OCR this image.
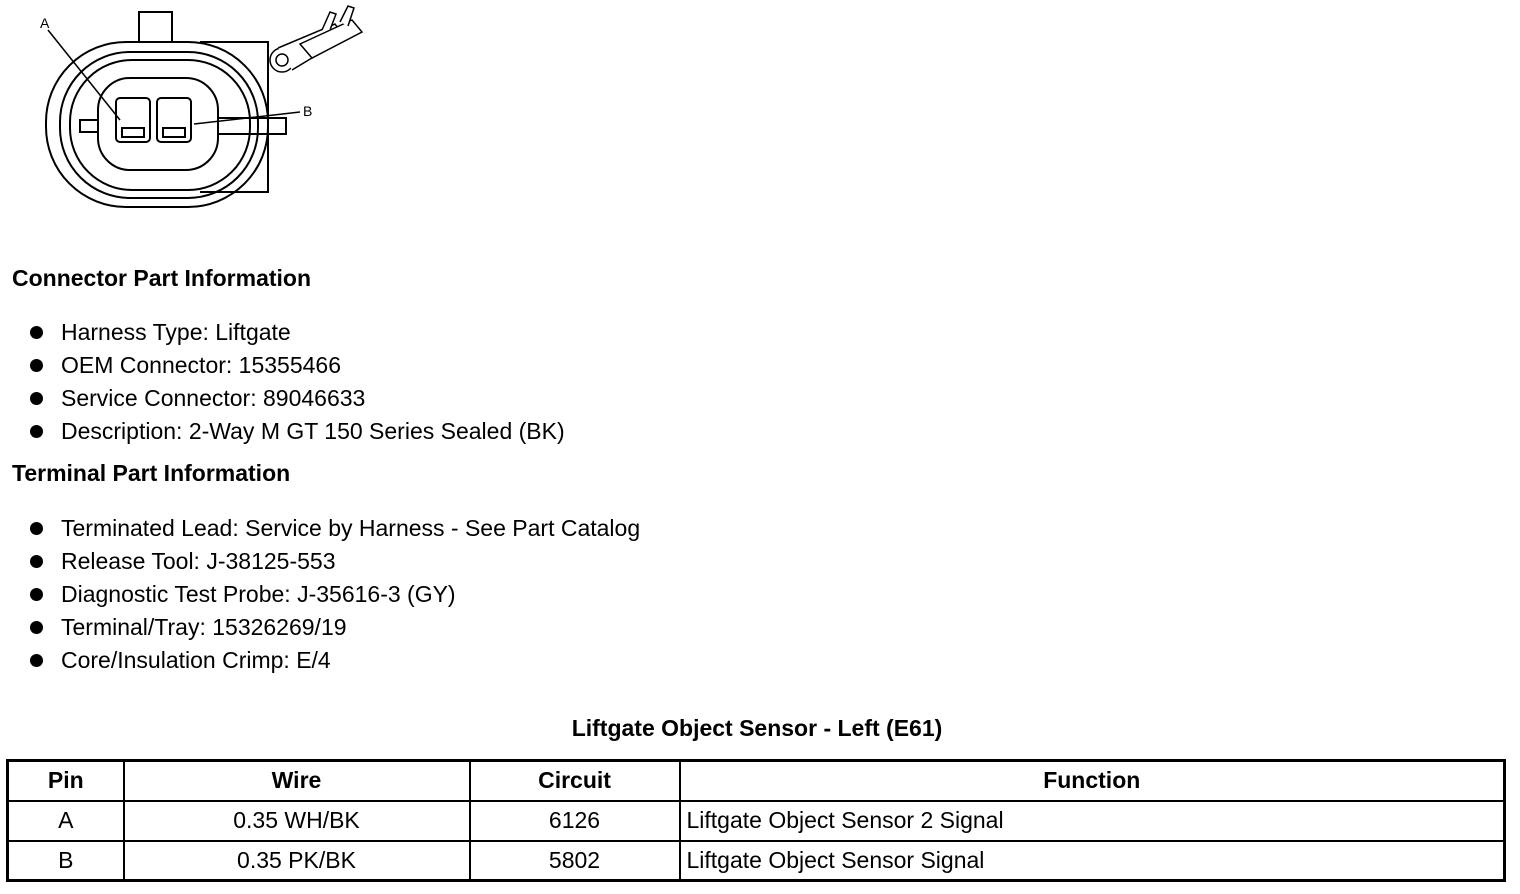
A
B
Connector Part Information
Harness Type: Liftgate
OEM Connector: 15355466
Service Connector: 89046633
Description: 2-Way M GT 150 Series Sealed (BK)
Terminal Part Information
Terminated Lead: Service by Harness - See Part Catalog
Release Tool: J-38125-553
Diagnostic Test Probe: J-35616-3 (GY)
Terminal/Tray: 15326269/19
Core/Insulation Crimp: E/4
Liftgate Object Sensor - Left (E61)
Pin	Wire	Circuit	Function
A	0.35 WH/BK	6126	Liftgate Object Sensor 2 Signal
B	0.35 PK/BK	5802	Liftgate Object Sensor Signal
